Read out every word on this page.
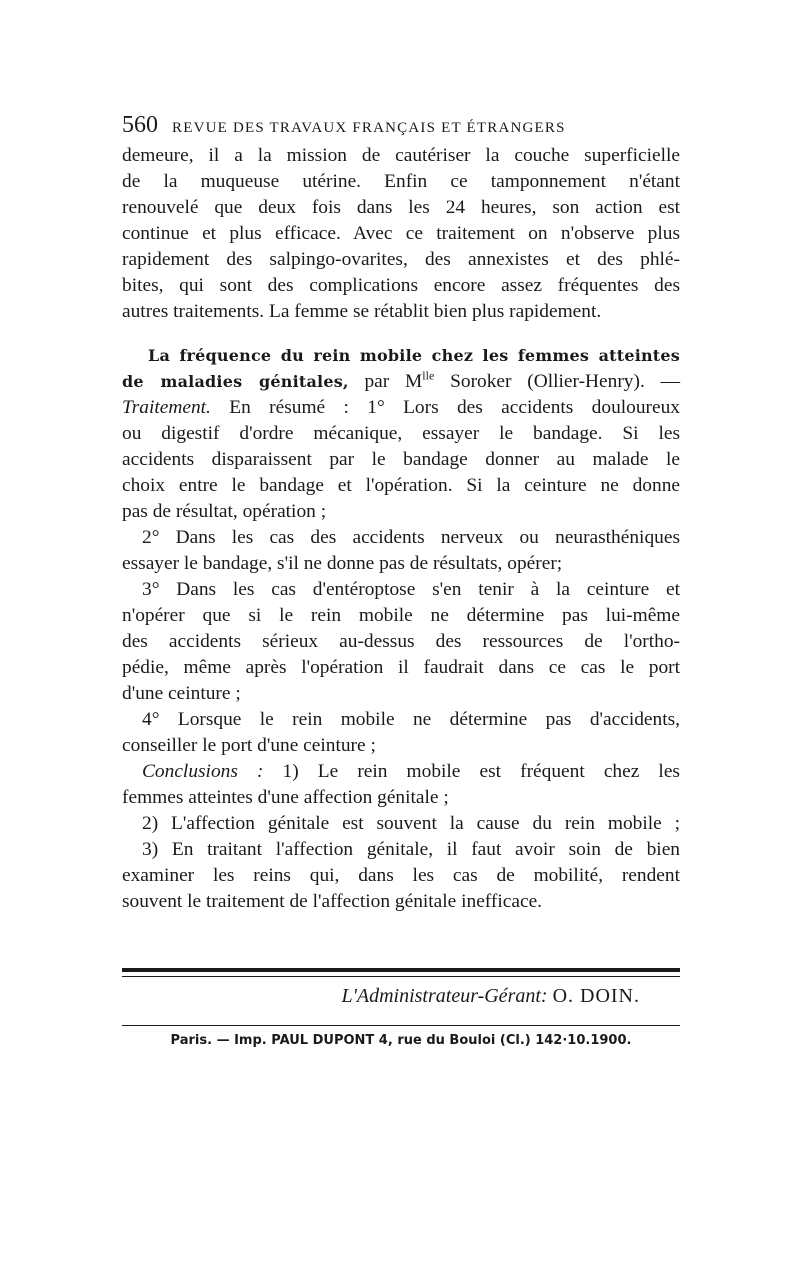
560 REVUE DES TRAVAUX FRANÇAIS ET ÉTRANGERS
demeure, il a la mission de cautériser la couche superficielle
de la muqueuse utérine. Enfin ce tamponnement n'étant
renouvelé que deux fois dans les 24 heures, son action est
continue et plus efficace. Avec ce traitement on n'observe plus
rapidement des salpingo-ovarites, des annexistes et des phlé-
bites, qui sont des complications encore assez fréquentes des
autres traitements. La femme se rétablit bien plus rapidement.
La fréquence du rein mobile chez les femmes atteintes
de maladies génitales, par $M^{lle}$ Soroker (Ollier-Henry). —
Traitement. En résumé : 1° Lors des accidents douloureux
ou digestif d'ordre mécanique, essayer le bandage. Si les
accidents disparaissent par le bandage donner au malade le
choix entre le bandage et l'opération. Si la ceinture ne donne
pas de résultat, opération ;
2° Dans les cas des accidents nerveux ou neurasthéniques
essayer le bandage, s'il ne donne pas de résultats, opérer;
3° Dans les cas d'entéroptose s'en tenir à la ceinture et
n'opérer que si le rein mobile ne détermine pas lui-même
des accidents sérieux au-dessus des ressources de l'ortho-
pédie, même après l'opération il faudrait dans ce cas le port
d'une ceinture ;
4° Lorsque le rein mobile ne détermine pas d'accidents,
conseiller le port d'une ceinture ;
Conclusions : 1) Le rein mobile est fréquent chez les
femmes atteintes d'une affection génitale ;
2) L'affection génitale est souvent la cause du rein mobile ;
3) En traitant l'affection génitale, il faut avoir soin de bien
examiner les reins qui, dans les cas de mobilité, rendent
souvent le traitement de l'affection génitale inefficace.
L'Administrateur-Gérant: O. DOIN.
Paris. — Imp. PAUL DUPONT 4, rue du Bouloi (Cl.) 142·10.1900.
